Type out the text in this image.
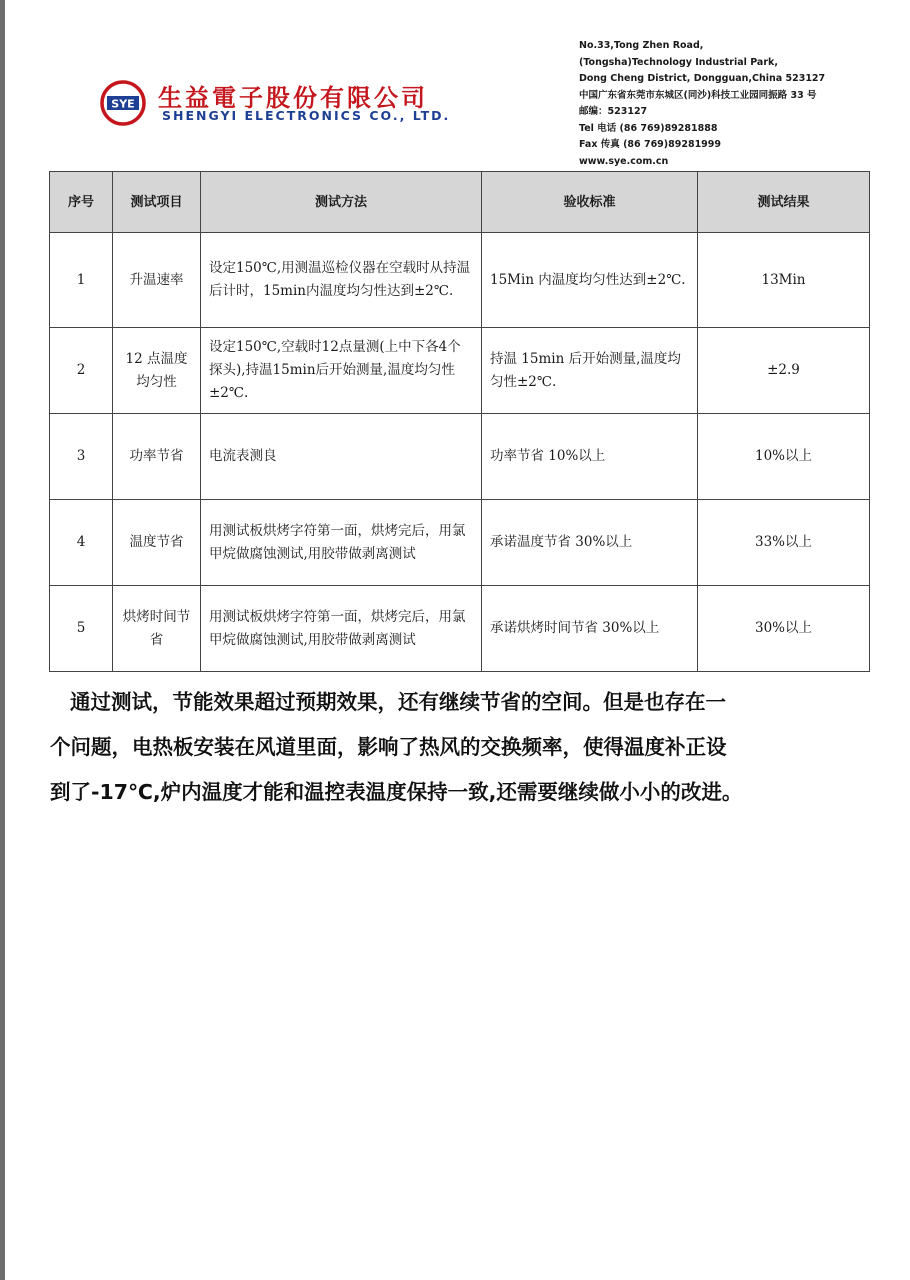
SYE 生益電子股份有限公司
SHENGYI ELECTRONICS CO., LTD.
No.33,Tong Zhen Road,
(Tongsha)Technology Industrial Park,
Dong Cheng District, Dongguan,China 523127
中国广东省东莞市东城区(同沙)科技工业园同振路 33 号
邮编：523127
Tel 电话 (86 769)89281888
Fax 传真 (86 769)89281999
www.sye.com.cn
序号	测试项目	测试方法	验收标准	测试结果
1	升温速率	设定150℃,用测温巡检仪器在空载时从持温后计时，15min内温度均匀性达到±2℃.	15Min 内温度均匀性达到±2℃.	13Min
2	12 点温度均匀性	设定150℃,空载时12点量测(上中下各4个探头),持温15min后开始测量,温度均匀性±2℃.	持温 15min 后开始测量,温度均匀性±2℃.	±2.9
3	功率节省	电流表测良	功率节省 10%以上	10%以上
4	温度节省	用测试板烘烤字符第一面，烘烤完后，用氯甲烷做腐蚀测试,用胶带做剥离测试	承诺温度节省 30%以上	33%以上
5	烘烤时间节省	用测试板烘烤字符第一面，烘烤完后，用氯甲烷做腐蚀测试,用胶带做剥离测试	承诺烘烤时间节省 30%以上	30%以上

通过测试，节能效果超过预期效果，还有继续节省的空间。但是也存在一

个问题，电热板安装在风道里面，影响了热风的交换频率，使得温度补正设

到了-17℃,炉内温度才能和温控表温度保持一致,还需要继续做小小的改进。
